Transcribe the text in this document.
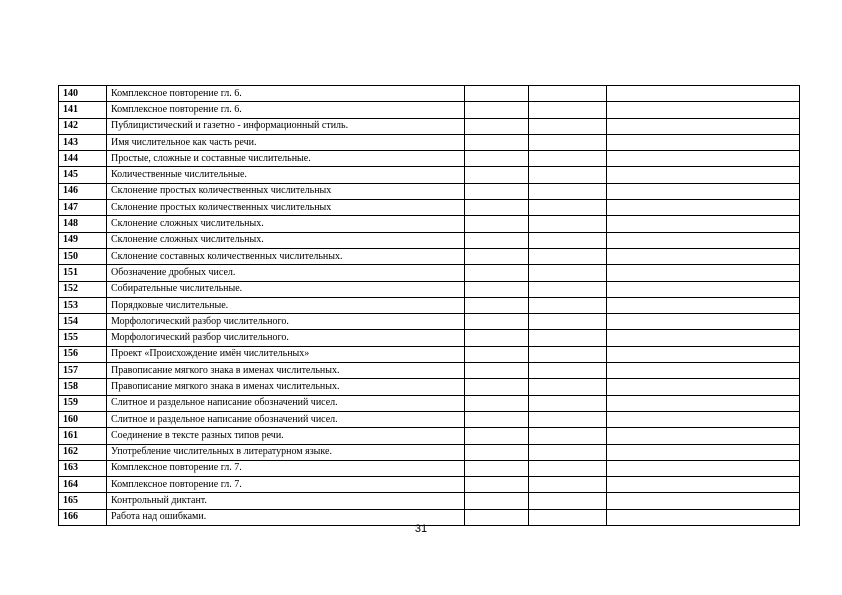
140	Комплексное повторение гл. 6.			
141	Комплексное повторение гл. 6.			
142	Публицистический и газетно - информационный стиль.			
143	Имя числительное как часть речи.			
144	Простые, сложные и составные числительные.			
145	Количественные числительные.			
146	Склонение простых количественных числительных			
147	Склонение простых количественных числительных			
148	Склонение сложных числительных.			
149	Склонение сложных числительных.			
150	Склонение составных количественных числительных.			
151	Обозначение дробных чисел.			
152	Собирательные числительные.			
153	Порядковые числительные.			
154	Морфологический разбор числительного.			
155	Морфологический разбор числительного.			
156	Проект «Происхождение имён числительных»			
157	Правописание мягкого знака в именах числительных.			
158	Правописание мягкого знака в именах числительных.			
159	Слитное и раздельное написание обозначений чисел.			
160	Слитное и раздельное написание обозначений чисел.			
161	Соединение в тексте разных типов речи.			
162	Употребление числительных в литературном языке.			
163	Комплексное повторение гл. 7.			
164	Комплексное повторение гл. 7.			
165	Контрольный диктант.			
166	Работа над ошибками.			
31
